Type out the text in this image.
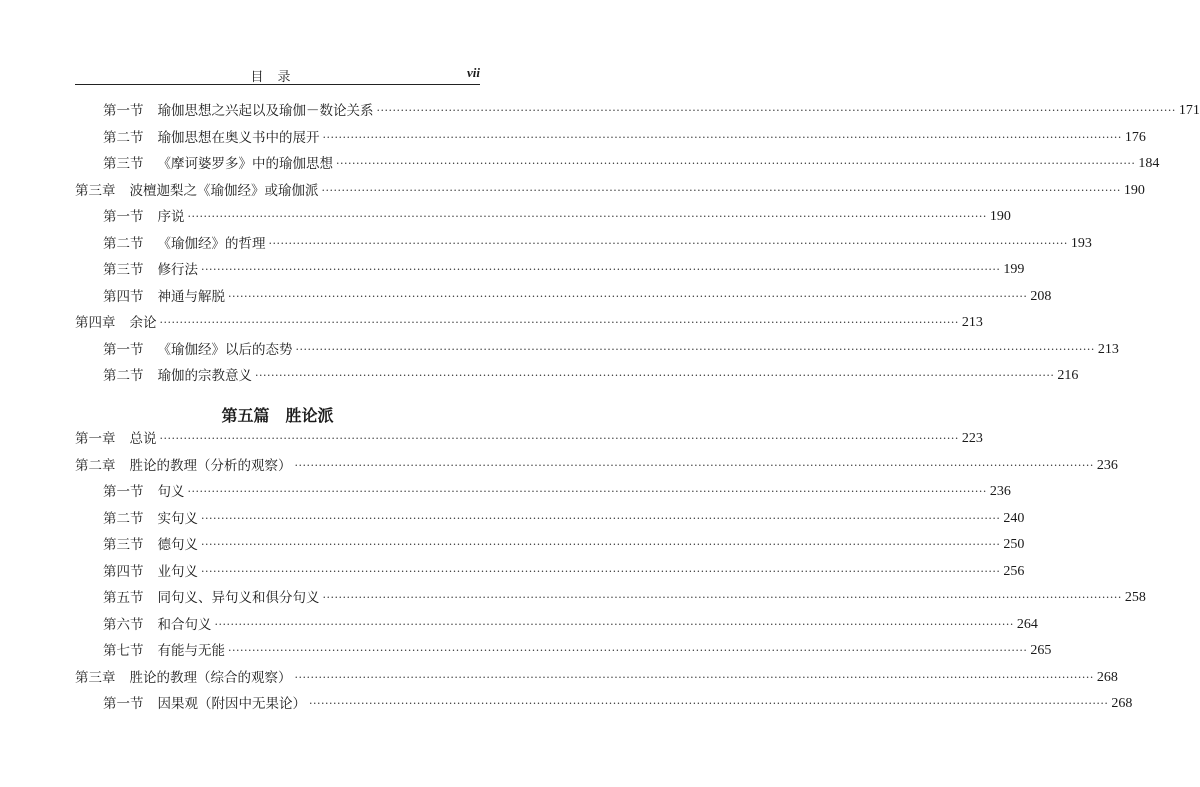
目录	vii
第一节 瑜伽思想之兴起以及瑜伽－数论关系 ········································································································································································································ 171
第二节 瑜伽思想在奥义书中的展开 ········································································································································································································ 176
第三节 《摩诃婆罗多》中的瑜伽思想 ········································································································································································································ 184
第三章 波檀迦梨之《瑜伽经》或瑜伽派 ········································································································································································································ 190
第一节 序说 ········································································································································································································ 190
第二节 《瑜伽经》的哲理 ········································································································································································································ 193
第三节 修行法 ········································································································································································································ 199
第四节 神通与解脱 ········································································································································································································ 208
第四章 余论 ········································································································································································································ 213
第一节 《瑜伽经》以后的态势 ········································································································································································································ 213
第二节 瑜伽的宗教意义 ········································································································································································································ 216
第五篇　胜论派
第一章 总说 ········································································································································································································ 223
第二章 胜论的教理（分析的观察） ········································································································································································································ 236
第一节 句义 ········································································································································································································ 236
第二节 实句义 ········································································································································································································ 240
第三节 德句义 ········································································································································································································ 250
第四节 业句义 ········································································································································································································ 256
第五节 同句义、异句义和俱分句义 ········································································································································································································ 258
第六节 和合句义 ········································································································································································································ 264
第七节 有能与无能 ········································································································································································································ 265
第三章 胜论的教理（综合的观察） ········································································································································································································ 268
第一节 因果观（附因中无果论） ········································································································································································································ 268
